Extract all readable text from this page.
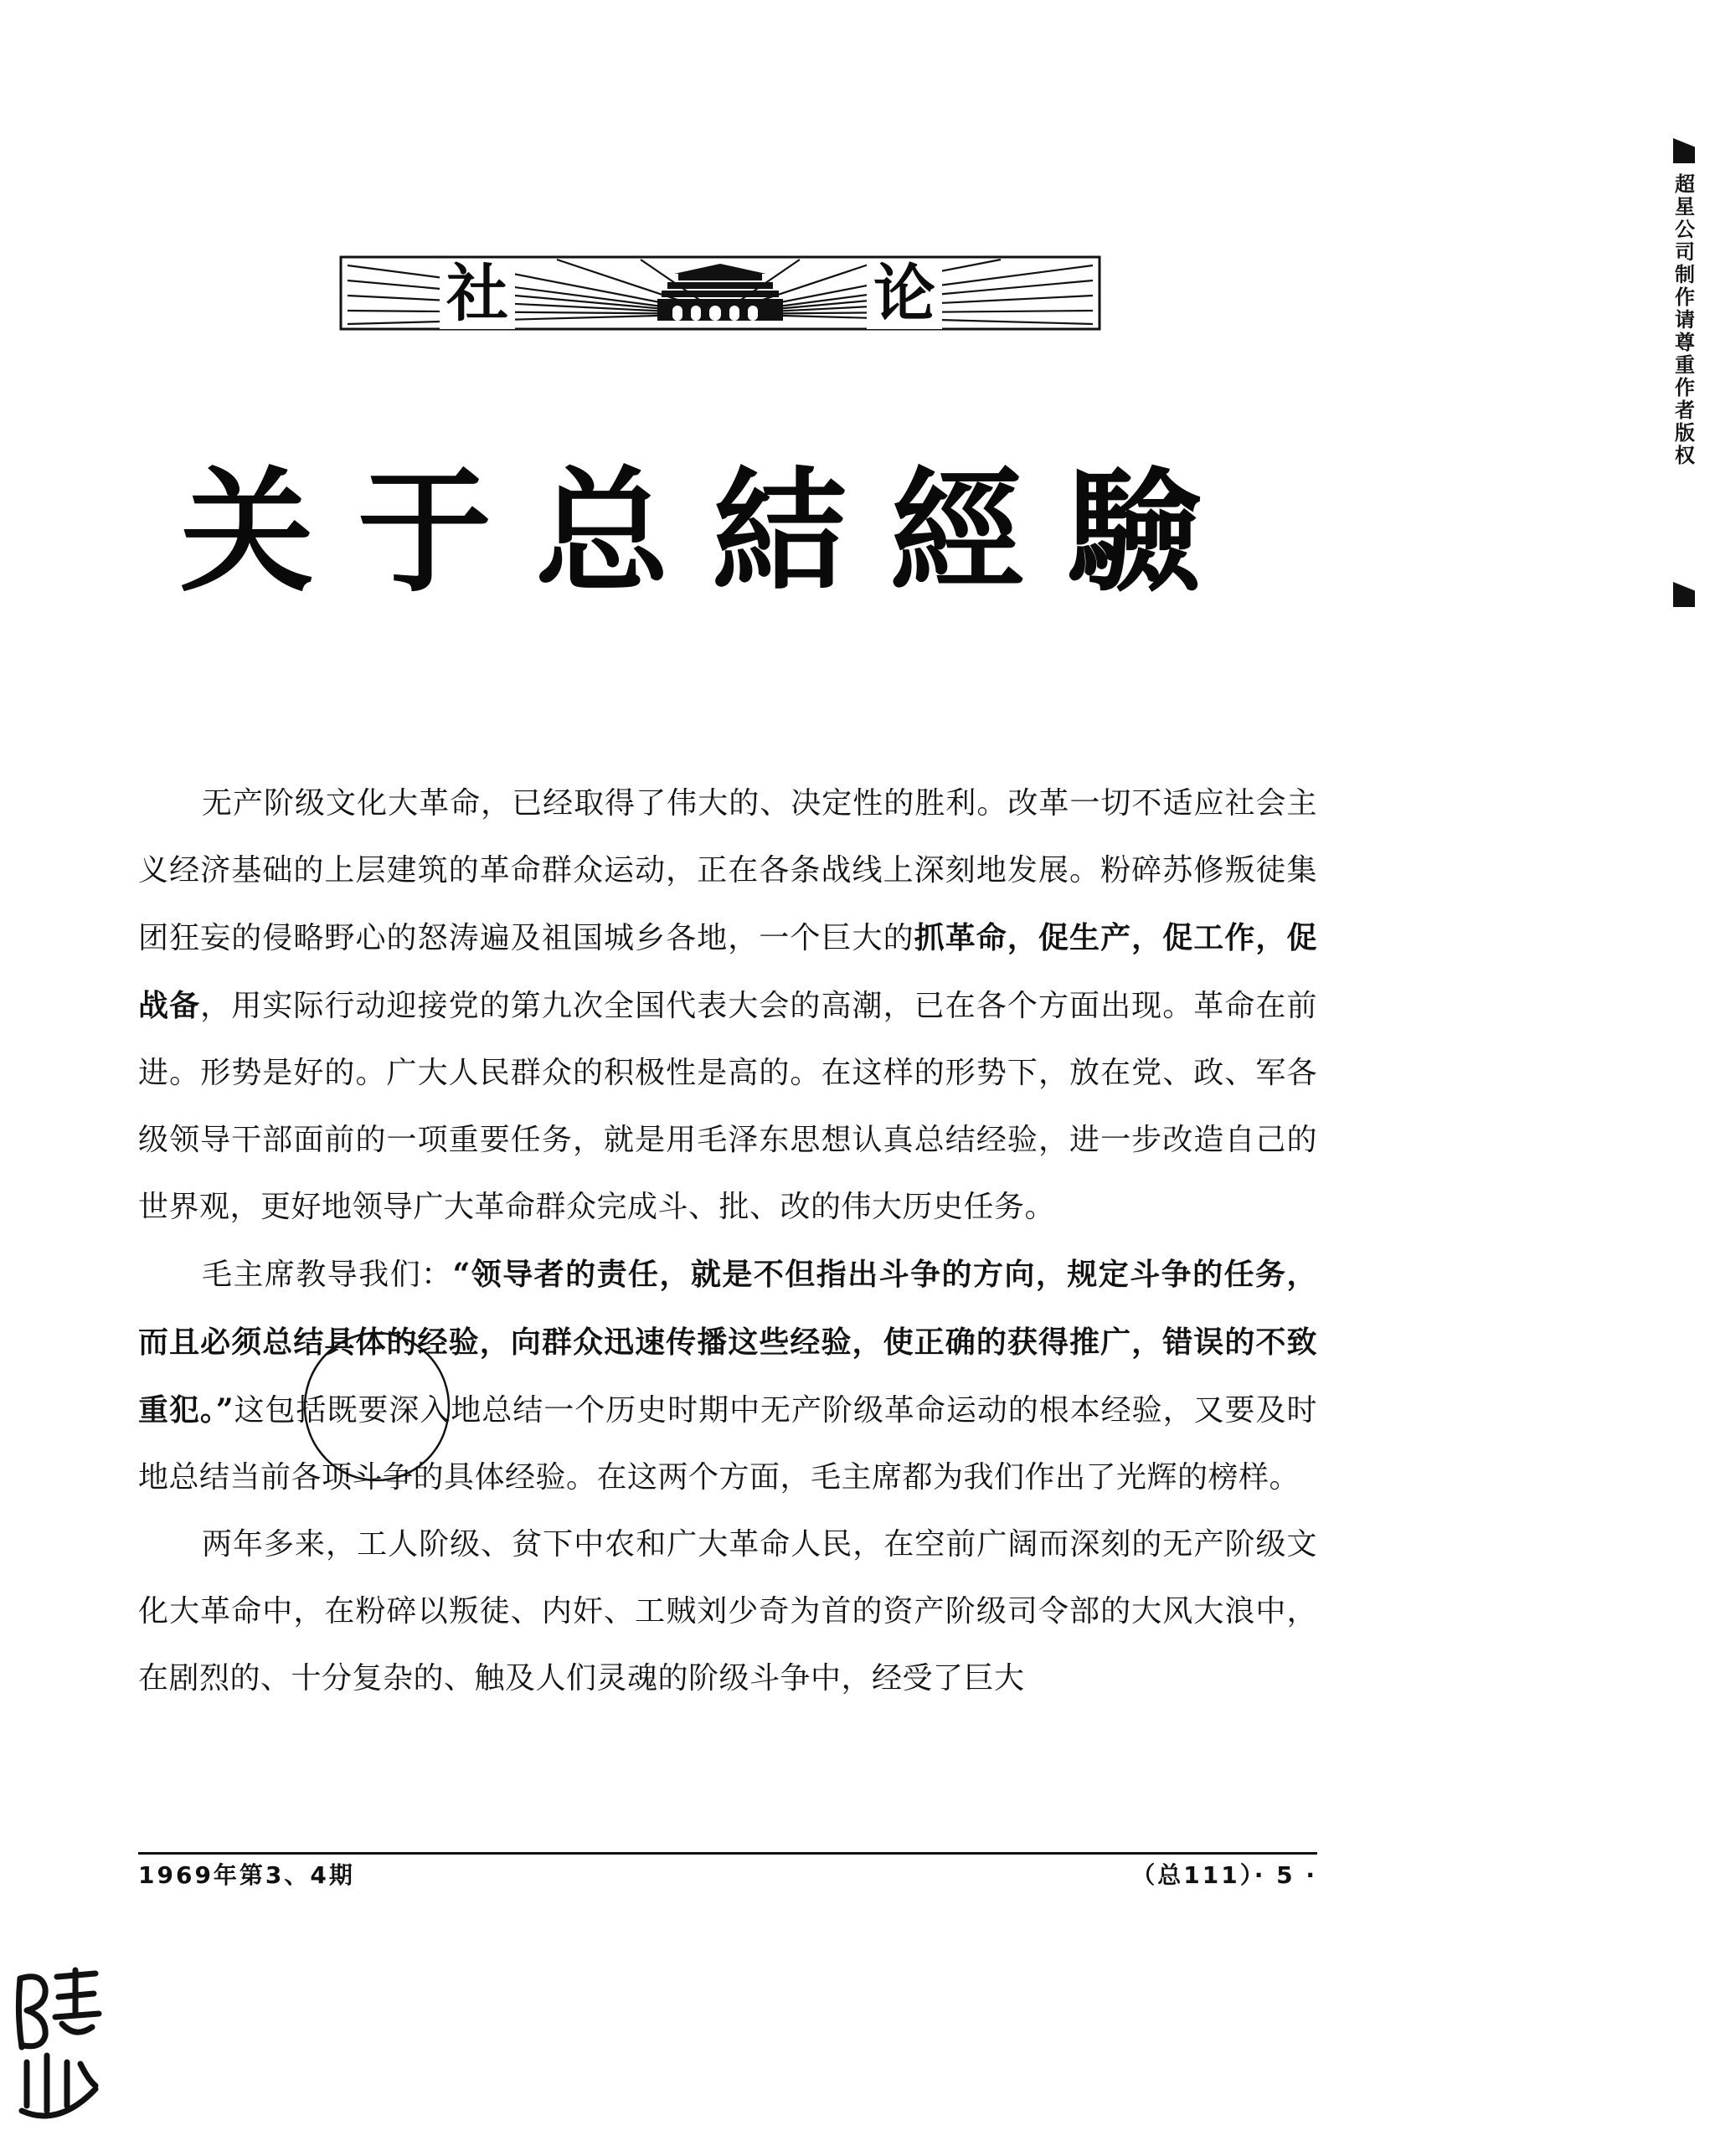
社	论
关于总結經驗

无产阶级文化大革命，已经取得了伟大的、决定性的胜利。改革一切不适应社会主义经济基础的上层建筑的革命群众运动，正在各条战线上深刻地发展。粉碎苏修叛徒集团狂妄的侵略野心的怒涛遍及祖国城乡各地，一个巨大的抓革命，促生产，促工作，促战备，用实际行动迎接党的第九次全国代表大会的高潮，已在各个方面出现。革命在前进。形势是好的。广大人民群众的积极性是高的。在这样的形势下，放在党、政、军各级领导干部面前的一项重要任务，就是用毛泽东思想认真总结经验，进一步改造自己的世界观，更好地领导广大革命群众完成斗、批、改的伟大历史任务。

毛主席教导我们：“领导者的责任，就是不但指出斗争的方向，规定斗争的任务，而且必须总结具体的经验，向群众迅速传播这些经验，使正确的获得推广，错误的不致重犯。”这包括既要深入地总结一个历史时期中无产阶级革命运动的根本经验，又要及时地总结当前各项斗争的具体经验。在这两个方面，毛主席都为我们作出了光辉的榜样。

两年多来，工人阶级、贫下中农和广大革命人民，在空前广阔而深刻的无产阶级文化大革命中，在粉碎以叛徒、内奸、工贼刘少奇为首的资产阶级司令部的大风大浪中，在剧烈的、十分复杂的、触及人们灵魂的阶级斗争中，经受了巨大

1969年第3、4期	（总111）· 5 ·
超星公司制作请尊重作者版权
